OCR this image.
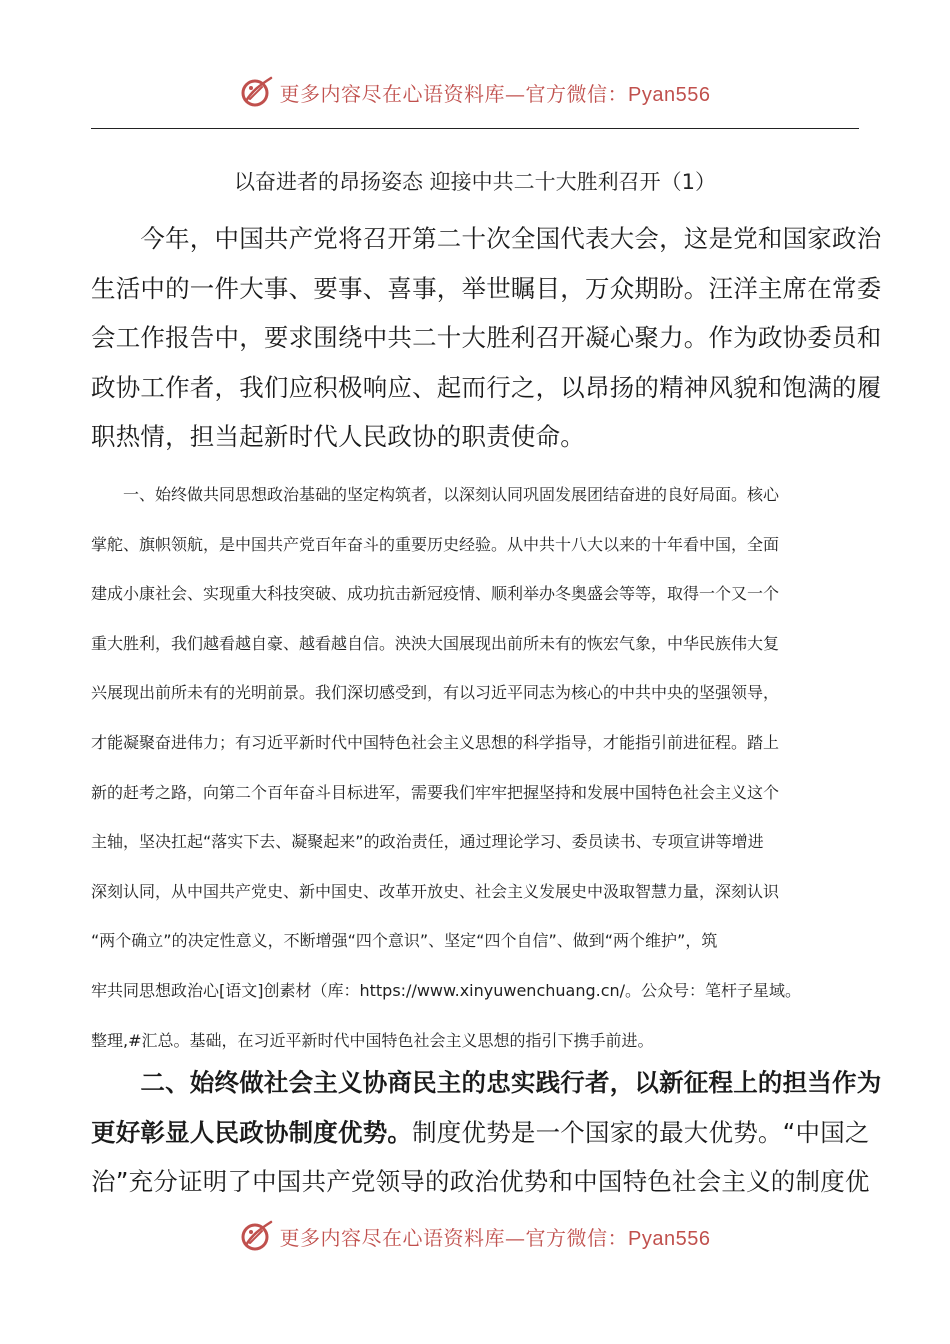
更多内容尽在心语资料库—官方微信：Pyan556
以奋进者的昂扬姿态 迎接中共二十大胜利召开（1）
　　今年，中国共产党将召开第二十次全国代表大会，这是党和国家政治
生活中的一件大事、要事、喜事，举世瞩目，万众期盼。汪洋主席在常委
会工作报告中，要求围绕中共二十大胜利召开凝心聚力。作为政协委员和
政协工作者，我们应积极响应、起而行之，以昂扬的精神风貌和饱满的履
职热情，担当起新时代人民政协的职责使命。
　　一、始终做共同思想政治基础的坚定构筑者，以深刻认同巩固发展团结奋进的良好局面。核心
掌舵、旗帜领航，是中国共产党百年奋斗的重要历史经验。从中共十八大以来的十年看中国，全面
建成小康社会、实现重大科技突破、成功抗击新冠疫情、顺利举办冬奥盛会等等，取得一个又一个
重大胜利，我们越看越自豪、越看越自信。泱泱大国展现出前所未有的恢宏气象，中华民族伟大复
兴展现出前所未有的光明前景。我们深切感受到，有以习近平同志为核心的中共中央的坚强领导，
才能凝聚奋进伟力；有习近平新时代中国特色社会主义思想的科学指导，才能指引前进征程。踏上
新的赶考之路，向第二个百年奋斗目标进军，需要我们牢牢把握坚持和发展中国特色社会主义这个
主轴，坚决扛起“落实下去、凝聚起来”的政治责任，通过理论学习、委员读书、专项宣讲等增进
深刻认同，从中国共产党史、新中国史、改革开放史、社会主义发展史中汲取智慧力量，深刻认识
“两个确立”的决定性意义，不断增强“四个意识”、坚定“四个自信”、做到“两个维护”，筑
牢共同思想政治心[语文]创素材（库：https://www.xinyuwenchuang.cn/。公众号：笔杆子星域。
整理,#汇总。基础，在习近平新时代中国特色社会主义思想的指引下携手前进。
　　二、始终做社会主义协商民主的忠实践行者，以新征程上的担当作为
更好彰显人民政协制度优势。制度优势是一个国家的最大优势。“中国之
治”充分证明了中国共产党领导的政治优势和中国特色社会主义的制度优
更多内容尽在心语资料库—官方微信：Pyan556
